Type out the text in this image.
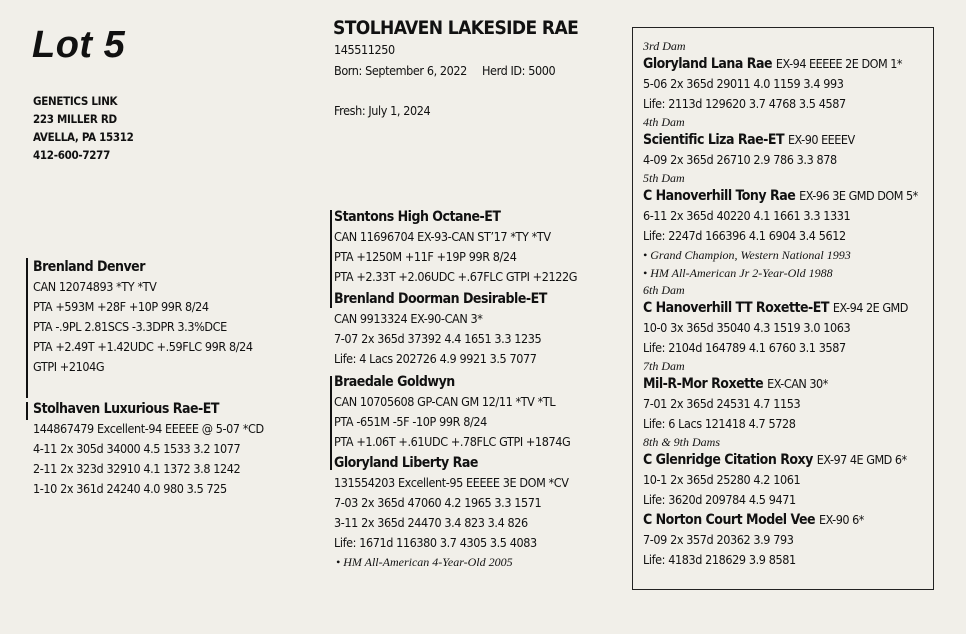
Lot 5
GENETICS LINK
223 MILLER RD
AVELLA, PA 15312
412-600-7277
STOLHAVEN LAKESIDE RAE
145511250
Born: September 6, 2022 Herd ID: 5000
Fresh: July 1, 2024
Brenland Denver
CAN 12074893 *TY *TV
PTA +593M +28F +10P 99R 8/24
PTA -.9PL 2.81SCS -3.3DPR 3.3%DCE
PTA +2.49T +1.42UDC +.59FLC 99R 8/24
GTPI +2104G
Stolhaven Luxurious Rae-ET
144867479 Excellent-94 EEEEE @ 5-07 *CD
4-11 2x 305d 34000 4.5 1533 3.2 1077
2-11 2x 323d 32910 4.1 1372 3.8 1242
1-10 2x 361d 24240 4.0 980 3.5 725
Stantons High Octane-ET
CAN 11696704 EX-93-CAN ST’17 *TY *TV
PTA +1250M +11F +19P 99R 8/24
PTA +2.33T +2.06UDC +.67FLC GTPI +2122G
Brenland Doorman Desirable-ET
CAN 9913324 EX-90-CAN 3*
7-07 2x 365d 37392 4.4 1651 3.3 1235
Life: 4 Lacs 202726 4.9 9921 3.5 7077
Braedale Goldwyn
CAN 10705608 GP-CAN GM 12/11 *TV *TL
PTA -651M -5F -10P 99R 8/24
PTA +1.06T +.61UDC +.78FLC GTPI +1874G
Gloryland Liberty Rae
131554203 Excellent-95 EEEEE 3E DOM *CV
7-03 2x 365d 47060 4.2 1965 3.3 1571
3-11 2x 365d 24470 3.4 823 3.4 826
Life: 1671d 116380 3.7 4305 3.5 4083
• HM All-American 4-Year-Old 2005
3rd Dam
Gloryland Lana Rae EX-94 EEEEE 2E DOM 1*
5-06 2x 365d 29011 4.0 1159 3.4 993
Life: 2113d 129620 3.7 4768 3.5 4587
4th Dam
Scientific Liza Rae-ET EX-90 EEEEV
4-09 2x 365d 26710 2.9 786 3.3 878
5th Dam
C Hanoverhill Tony Rae EX-96 3E GMD DOM 5*
6-11 2x 365d 40220 4.1 1661 3.3 1331
Life: 2247d 166396 4.1 6904 3.4 5612
• Grand Champion, Western National 1993
• HM All-American Jr 2-Year-Old 1988
6th Dam
C Hanoverhill TT Roxette-ET EX-94 2E GMD
10-0 3x 365d 35040 4.3 1519 3.0 1063
Life: 2104d 164789 4.1 6760 3.1 3587
7th Dam
Mil-R-Mor Roxette EX-CAN 30*
7-01 2x 365d 24531 4.7 1153
Life: 6 Lacs 121418 4.7 5728
8th & 9th Dams
C Glenridge Citation Roxy EX-97 4E GMD 6*
10-1 2x 365d 25280 4.2 1061
Life: 3620d 209784 4.5 9471
C Norton Court Model Vee EX-90 6*
7-09 2x 357d 20362 3.9 793
Life: 4183d 218629 3.9 8581
